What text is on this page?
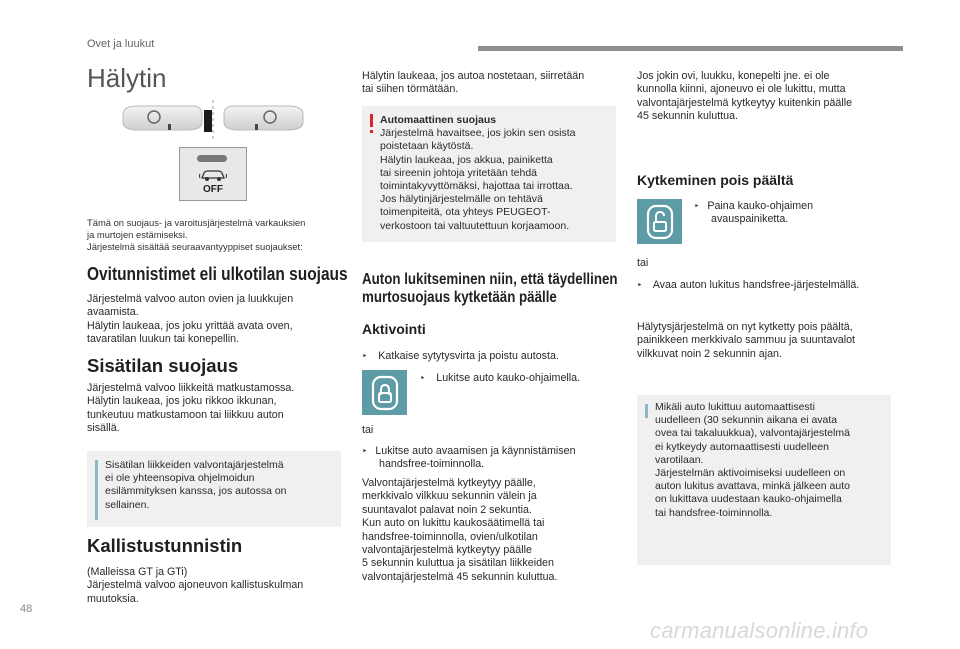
Ovet ja luukut
Hälytin
OFF
Tämä on suojaus- ja varoitusjärjestelmä varkauksien
ja murtojen estämiseksi.
Järjestelmä sisältää seuraavantyyppiset suojaukset:
Ovitunnistimet eli ulkotilan suojaus
Järjestelmä valvoo auton ovien ja luukkujen
avaamista.
Hälytin laukeaa, jos joku yrittää avata oven,
tavaratilan luukun tai konepellin.
Sisätilan suojaus
Järjestelmä valvoo liikkeitä matkustamossa.
Hälytin laukeaa, jos joku rikkoo ikkunan,
tunkeutuu matkustamoon tai liikkuu auton
sisällä.
Sisätilan liikkeiden valvontajärjestelmä
ei ole yhteensopiva ohjelmoidun
esilämmityksen kanssa, jos autossa on
sellainen.
Kallistustunnistin
(Malleissa GT ja GTi)
Järjestelmä valvoo ajoneuvon kallistuskulman
muutoksia.
Hälytin laukeaa, jos autoa nostetaan, siirretään
tai siihen törmätään.
Automaattinen suojaus
Järjestelmä havaitsee, jos jokin sen osista
poistetaan käytöstä.
Hälytin laukeaa, jos akkua, painiketta
tai sireenin johtoja yritetään tehdä
toimintakyvyttömäksi, hajottaa tai irrottaa.
Jos hälytinjärjestelmälle on tehtävä
toimenpiteitä, ota yhteys PEUGEOT-
verkostoon tai valtuutettuun korjaamoon.
Auton lukitseminen niin, että täydellinen
murtosuojaus kytketään päälle
Aktivointi
‣ Katkaise sytytysvirta ja poistu autosta.
‣ Lukitse auto kauko-ohjaimella.
tai
‣ Lukitse auto avaamisen ja käynnistämisen
handsfree-toiminnolla.
Valvontajärjestelmä kytkeytyy päälle,
merkkivalo vilkkuu sekunnin välein ja
suuntavalot palavat noin 2 sekuntia.
Kun auto on lukittu kaukosäätimellä tai
handsfree-toiminnolla, ovien/ulkotilan
valvontajärjestelmä kytkeytyy päälle
5 sekunnin kuluttua ja sisätilan liikkeiden
valvontajärjestelmä 45 sekunnin kuluttua.
Jos jokin ovi, luukku, konepelti jne. ei ole
kunnolla kiinni, ajoneuvo ei ole lukittu, mutta
valvontajärjestelmä kytkeytyy kuitenkin päälle
45 sekunnin kuluttua.
Kytkeminen pois päältä
‣ Paina kauko-ohjaimen
avauspainiketta.
tai
‣ Avaa auton lukitus handsfree-järjestelmällä.
Hälytysjärjestelmä on nyt kytketty pois päältä,
painikkeen merkkivalo sammuu ja suuntavalot
vilkkuvat noin 2 sekunnin ajan.
Mikäli auto lukittuu automaattisesti
uudelleen (30 sekunnin aikana ei avata
ovea tai takaluukkua), valvontajärjestelmä
ei kytkeydy automaattisesti uudelleen
varotilaan.
Järjestelmän aktivoimiseksi uudelleen on
auton lukitus avattava, minkä jälkeen auto
on lukittava uudestaan kauko-ohjaimella
tai handsfree-toiminnolla.
48
carmanualsonline.info
